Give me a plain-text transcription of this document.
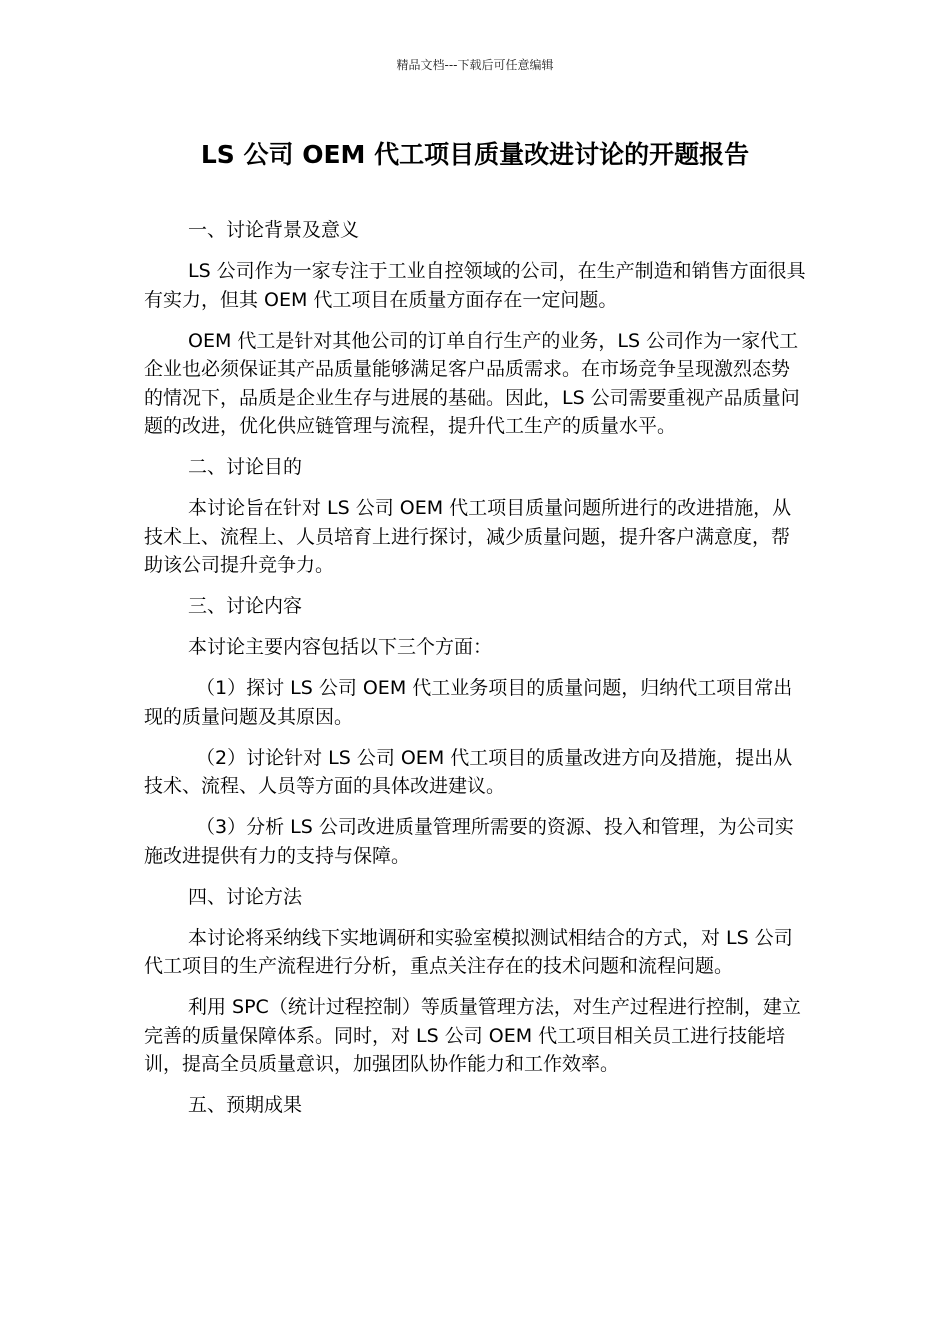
精品文档---下载后可任意编辑
LS 公司 OEM 代工项目质量改进讨论的开题报告

一、讨论背景及意义

LS 公司作为一家专注于工业自控领域的公司，在生产制造和销售方面很具有实力，但其 OEM 代工项目在质量方面存在一定问题。

OEM 代工是针对其他公司的订单自行生产的业务，LS 公司作为一家代工企业也必须保证其产品质量能够满足客户品质需求。在市场竞争呈现激烈态势的情况下，品质是企业生存与进展的基础。因此，LS 公司需要重视产品质量问题的改进，优化供应链管理与流程，提升代工生产的质量水平。

二、讨论目的

本讨论旨在针对 LS 公司 OEM 代工项目质量问题所进行的改进措施，从技术上、流程上、人员培育上进行探讨，减少质量问题，提升客户满意度，帮助该公司提升竞争力。

三、讨论内容

本讨论主要内容包括以下三个方面：

（1）探讨 LS 公司 OEM 代工业务项目的质量问题，归纳代工项目常出现的质量问题及其原因。

（2）讨论针对 LS 公司 OEM 代工项目的质量改进方向及措施，提出从技术、流程、人员等方面的具体改进建议。

（3）分析 LS 公司改进质量管理所需要的资源、投入和管理，为公司实施改进提供有力的支持与保障。

四、讨论方法

本讨论将采纳线下实地调研和实验室模拟测试相结合的方式，对 LS 公司代工项目的生产流程进行分析，重点关注存在的技术问题和流程问题。

利用 SPC（统计过程控制）等质量管理方法，对生产过程进行控制，建立完善的质量保障体系。同时，对 LS 公司 OEM 代工项目相关员工进行技能培训，提高全员质量意识，加强团队协作能力和工作效率。

五、预期成果
